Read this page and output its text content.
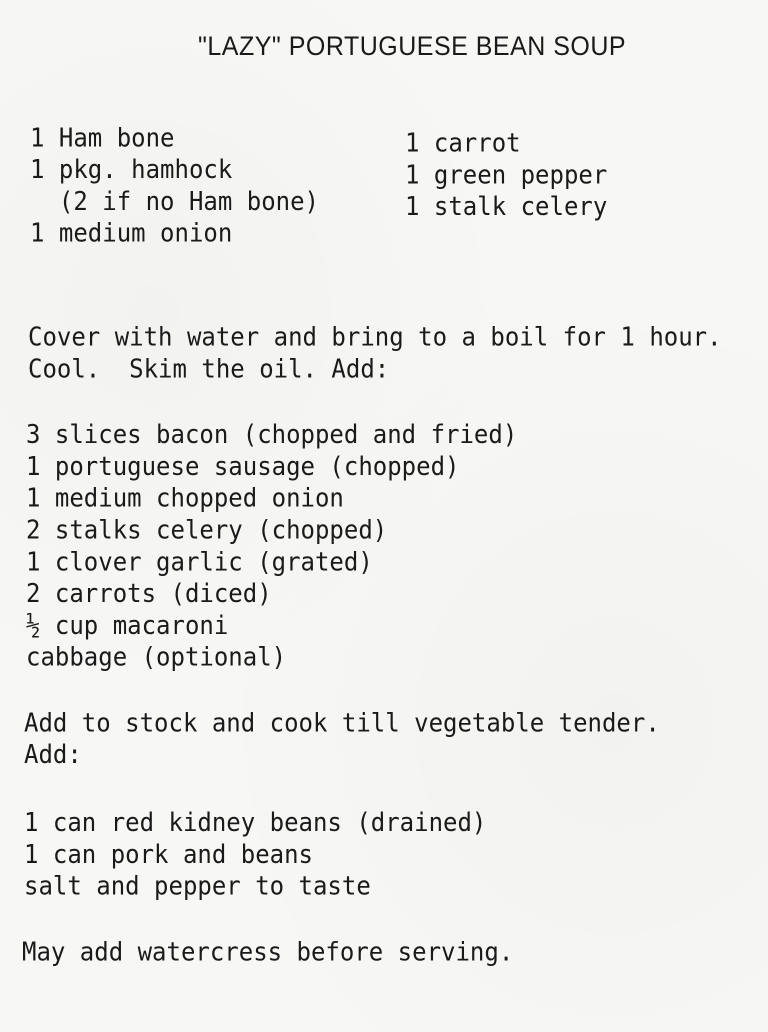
"LAZY" PORTUGUESE BEAN SOUP
1 Ham bone
1 pkg. hamhock
(2 if no Ham bone)
1 medium onion
1 carrot
1 green pepper
1 stalk celery
Cover with water and bring to a boil for 1 hour.
Cool.  Skim the oil. Add:
3 slices bacon (chopped and fried)
1 portuguese sausage (chopped)
1 medium chopped onion
2 stalks celery (chopped)
1 clover garlic (grated)
2 carrots (diced)
½ cup macaroni
cabbage (optional)
Add to stock and cook till vegetable tender.
Add:
1 can red kidney beans (drained)
1 can pork and beans
salt and pepper to taste
May add watercress before serving.
